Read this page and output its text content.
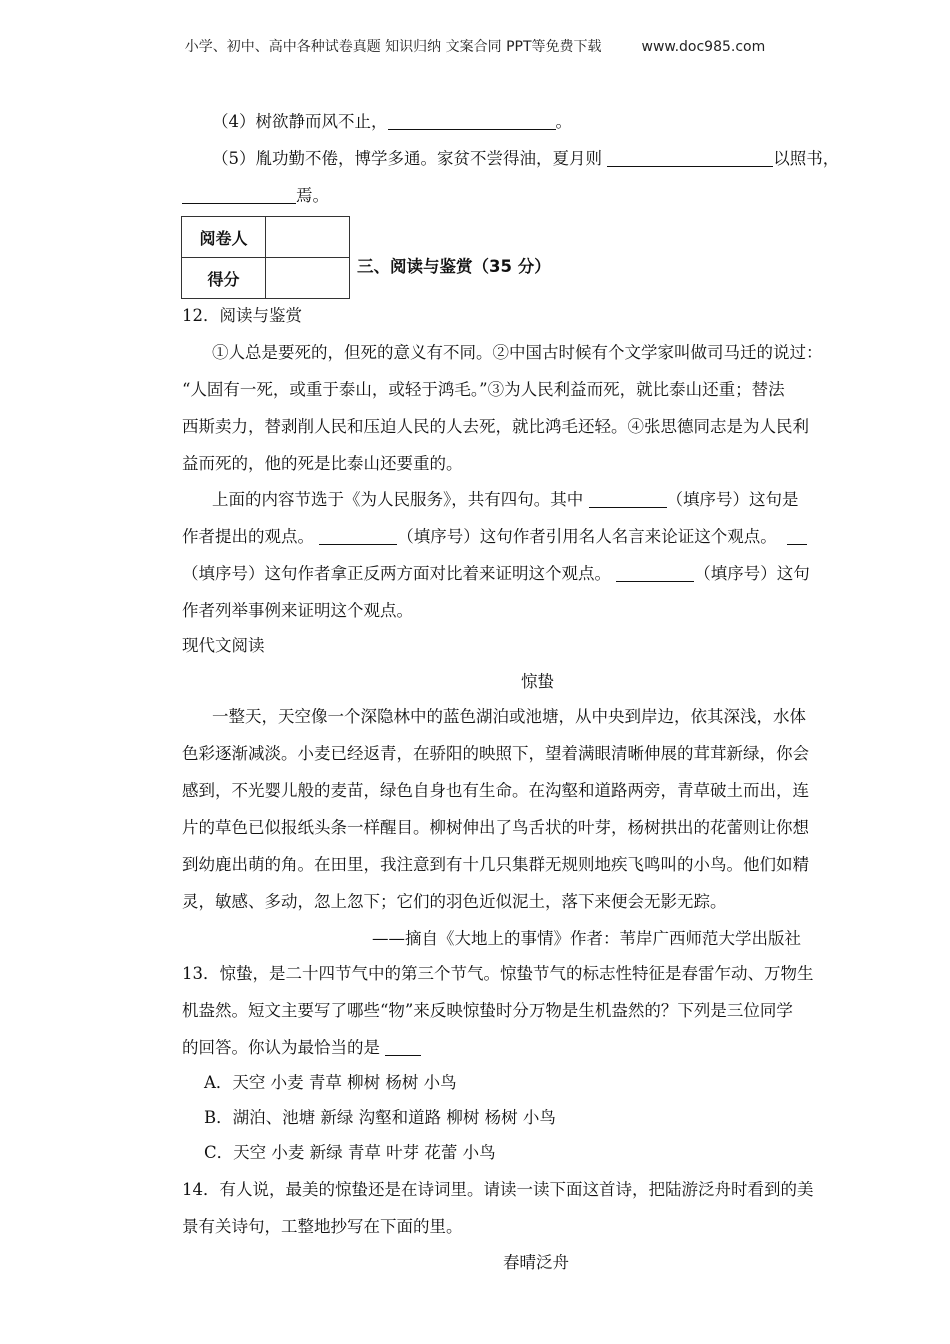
小学、初中、高中各种试卷真题 知识归纳 文案合同 PPT等免费下载	www.doc985.com
（4）树欲静而风不止，	。
（5）胤功勤不倦，博学多通。家贫不尝得油，夏月则	以照书，
焉。
阅卷人	
得分	
三、阅读与鉴赏（35 分）
12．阅读与鉴赏
①人总是要死的，但死的意义有不同。②中国古时候有个文学家叫做司马迁的说过：
“人固有一死，或重于泰山，或轻于鸿毛。”③为人民利益而死，就比泰山还重；替法
西斯卖力，替剥削人民和压迫人民的人去死，就比鸿毛还轻。④张思德同志是为人民利
益而死的，他的死是比泰山还要重的。
上面的内容节选于《为人民服务》，共有四句。其中	（填序号）这句是
作者提出的观点。	（填序号）这句作者引用名人名言来论证这个观点。
（填序号）这句作者拿正反两方面对比着来证明这个观点。	（填序号）这句
作者列举事例来证明这个观点。
现代文阅读
惊蛰
一整天，天空像一个深隐林中的蓝色湖泊或池塘，从中央到岸边，依其深浅，水体
色彩逐渐减淡。小麦已经返青，在骄阳的映照下，望着满眼清晰伸展的茸茸新绿，你会
感到，不光婴儿般的麦苗，绿色自身也有生命。在沟壑和道路两旁，青草破土而出，连
片的草色已似报纸头条一样醒目。柳树伸出了鸟舌状的叶芽，杨树拱出的花蕾则让你想
到幼鹿出萌的角。在田里，我注意到有十几只集群无规则地疾飞鸣叫的小鸟。他们如精
灵，敏感、多动，忽上忽下；它们的羽色近似泥土，落下来便会无影无踪。
——摘自《大地上的事情》作者：苇岸广西师范大学出版社
13．惊蛰，是二十四节气中的第三个节气。惊蛰节气的标志性特征是春雷乍动、万物生
机盎然。短文主要写了哪些“物”来反映惊蛰时分万物是生机盎然的？下列是三位同学
的回答。你认为最恰当的是
A．天空 小麦 青草 柳树 杨树 小鸟
B．湖泊、池塘 新绿 沟壑和道路 柳树 杨树 小鸟
C．天空 小麦 新绿 青草 叶芽 花蕾 小鸟
14．有人说，最美的惊蛰还是在诗词里。请读一读下面这首诗，把陆游泛舟时看到的美
景有关诗句，工整地抄写在下面的里。
春晴泛舟
